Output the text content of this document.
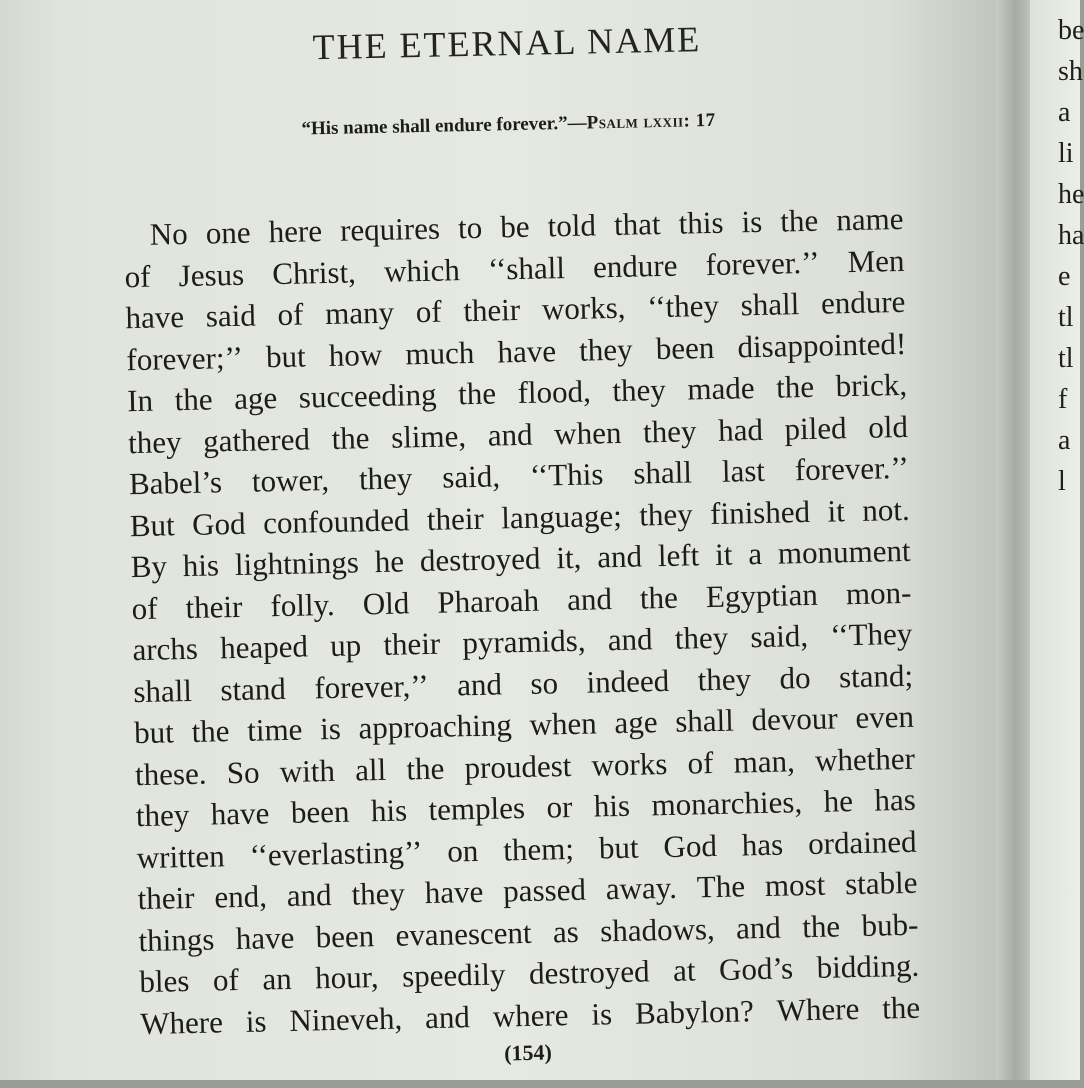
be
sh
a
li
he
ha
e
tl
tl
f
a
l
THE ETERNAL NAME
“His name shall endure forever.”—Psalm lxxii: 17
No one here requires to be told that this is the name
of Jesus Christ, which ‘‘shall endure forever.’’ Men
have said of many of their works, ‘‘they shall endure
forever;’’ but how much have they been disappointed!
In the age succeeding the flood, they made the brick,
they gathered the slime, and when they had piled old
Babel’s tower, they said, ‘‘This shall last forever.’’
But God confounded their language; they finished it not.
By his lightnings he destroyed it, and left it a monument
of their folly. Old Pharoah and the Egyptian mon-
archs heaped up their pyramids, and they said, ‘‘They
shall stand forever,’’ and so indeed they do stand;
but the time is approaching when age shall devour even
these. So with all the proudest works of man, whether
they have been his temples or his monarchies, he has
written ‘‘everlasting’’ on them; but God has ordained
their end, and they have passed away. The most stable
things have been evanescent as shadows, and the bub-
bles of an hour, speedily destroyed at God’s bidding.
Where is Nineveh, and where is Babylon? Where the
(154)
